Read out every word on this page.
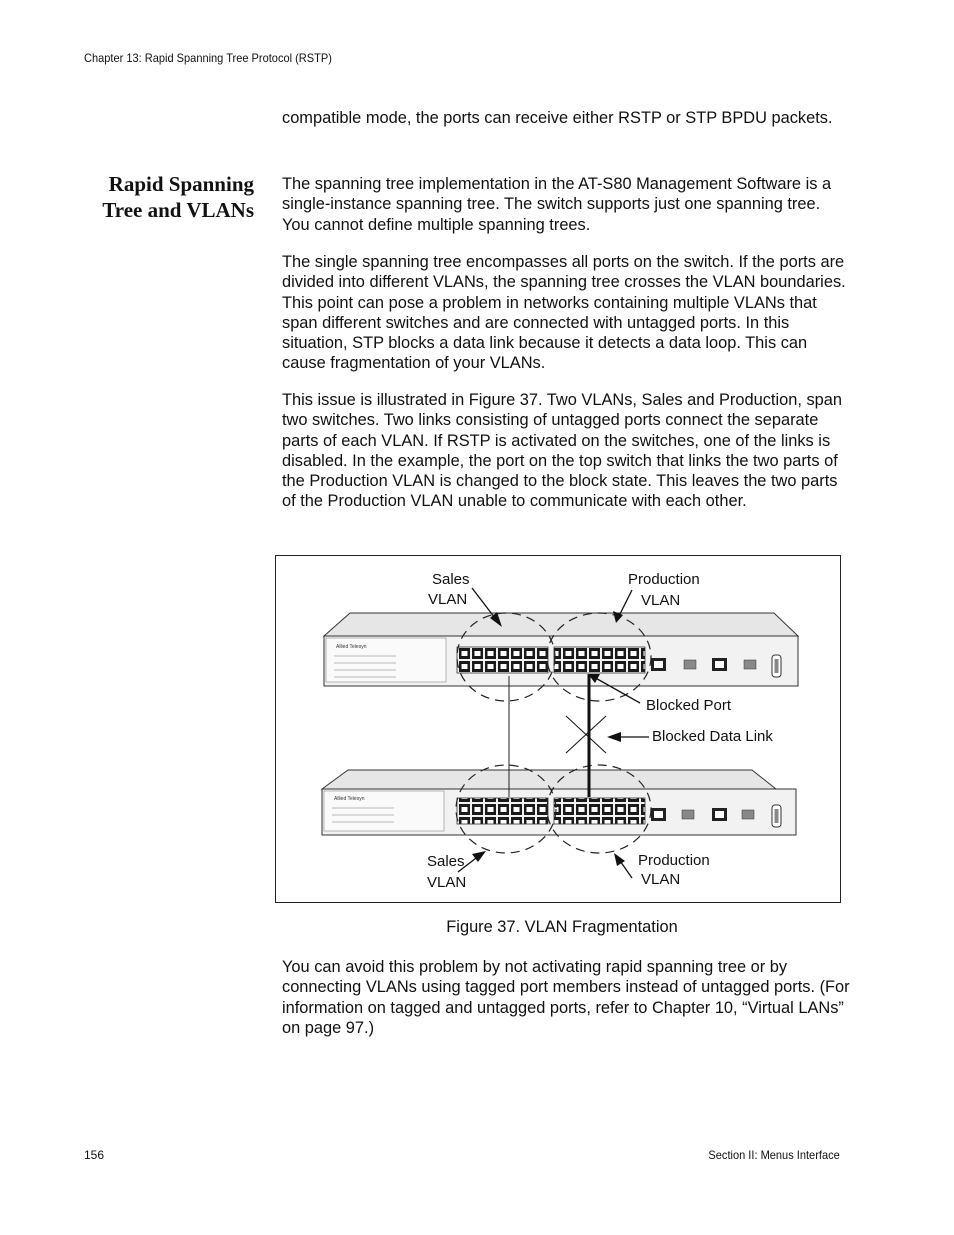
Chapter 13: Rapid Spanning Tree Protocol (RSTP)

compatible mode, the ports can receive either RSTP or STP BPDU packets.

Rapid Spanning
Tree and VLANs

The spanning tree implementation in the AT-S80 Management Software is a single-instance spanning tree. The switch supports just one spanning tree. You cannot define multiple spanning trees.

The single spanning tree encompasses all ports on the switch. If the ports are divided into different VLANs, the spanning tree crosses the VLAN boundaries. This point can pose a problem in networks containing multiple VLANs that span different switches and are connected with untagged ports. In this situation, STP blocks a data link because it detects a data loop. This can cause fragmentation of your VLANs.

This issue is illustrated in Figure 37. Two VLANs, Sales and Production, span two switches. Two links consisting of untagged ports connect the separate parts of each VLAN. If RSTP is activated on the switches, one of the links is disabled. In the example, the port on the top switch that links the two parts of the Production VLAN is changed to the block state. This leaves the two parts of the Production VLAN unable to communicate with each other.

Allied Telesyn
Allied Telesyn
Sales
VLAN
Production
VLAN
Blocked Port
Blocked Data Link
Sales
VLAN
Production
VLAN
Figure 37. VLAN Fragmentation

You can avoid this problem by not activating rapid spanning tree or by connecting VLANs using tagged port members instead of untagged ports. (For information on tagged and untagged ports, refer to Chapter 10, “Virtual LANs” on page 97.)

156	Section II: Menus Interface
